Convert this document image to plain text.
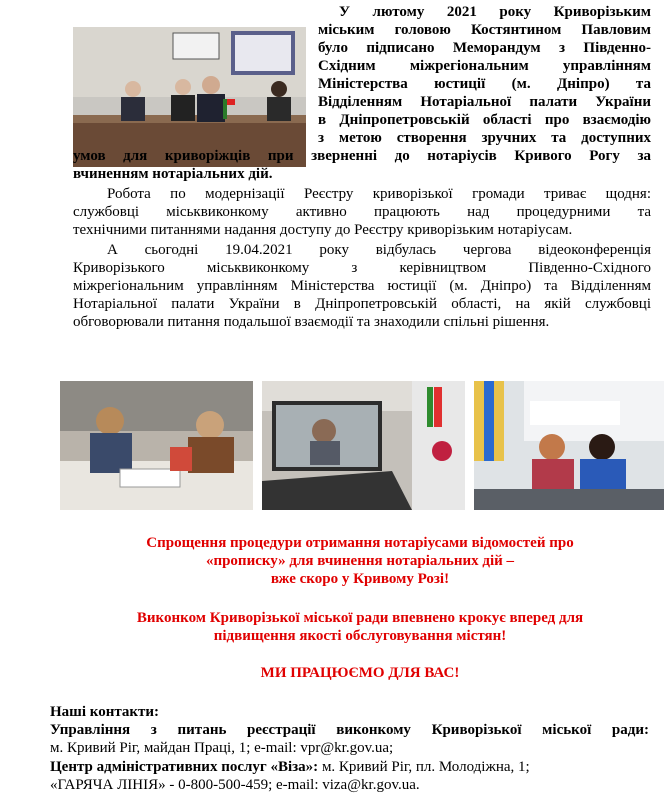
У лютому 2021 року Криворізьким

міським головою Костянтином Павловим

було підписано Меморандум з Південно-

Східним міжрегіональним управлінням

Міністерства юстиції (м. Дніпро) та

Відділенням Нотаріальної палати України

в Дніпропетровській області про взаємодію

з метою створення зручних та доступних

умов для криворіжців при зверненні до нотаріусів Кривого Рогу за

вчиненням нотаріальних дій.

Робота по модернізації Реєстру криворізької громади триває щодня:

службовці міськвиконкому активно працюють над процедурними та

технічними питаннями надання доступу до Реєстру криворізьким нотаріусам.

А сьогодні 19.04.2021 року відбулась чергова відеоконференція

Криворізького міськвиконкому з керівництвом Південно-Східного

міжрегіональним управлінням Міністерства юстиції (м. Дніпро) та Відділенням

Нотаріальної палати України в Дніпропетровській області, на якій службовці

обговорювали питання подальшої взаємодії та знаходили спільні рішення.

Спрощення процедури отримання нотаріусами відомостей про

«прописку» для вчинення нотаріальних дій –

вже скоро у Кривому Розі!

Виконком Криворізької міської ради впевнено крокує вперед для

підвищення якості обслуговування містян!

МИ ПРАЦЮЄМО ДЛЯ ВАС!

Наші контакти:

Управління з питань реєстрації виконкому Криворізької міської ради:

м. Кривий Ріг, майдан Праці, 1; e-mail: vpr@kr.gov.ua;

Центр адміністративних послуг «Віза»: м. Кривий Ріг, пл. Молодіжна, 1;

«ГАРЯЧА ЛІНІЯ» - 0-800-500-459; e-mail: viza@kr.gov.ua.
